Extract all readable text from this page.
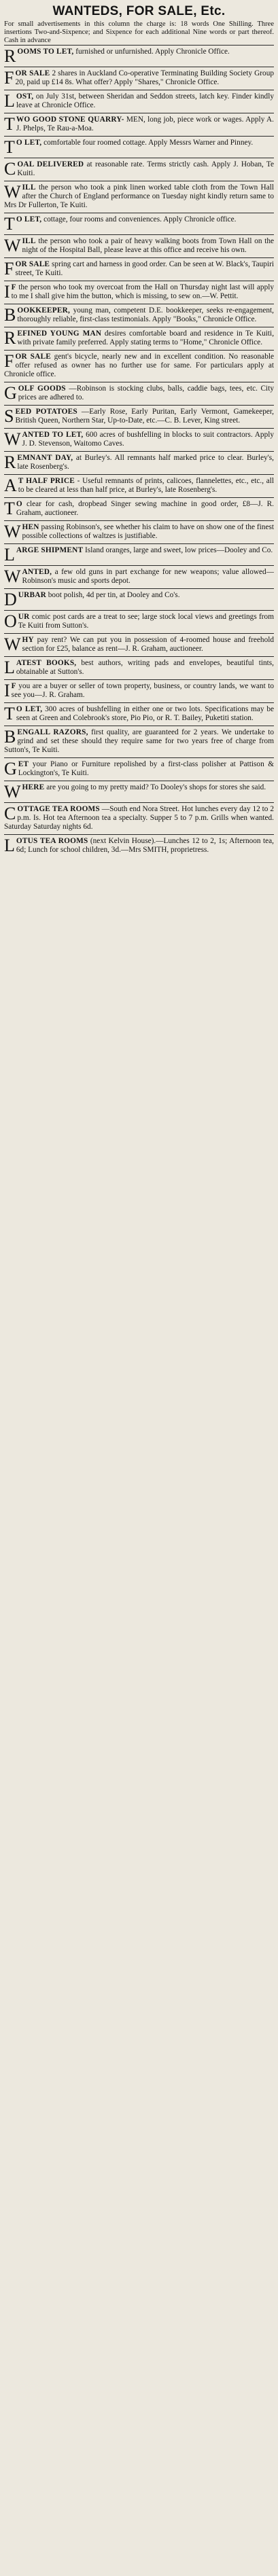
WANTEDS, FOR SALE, Etc.
For small advertisements in this column the charge is: 18 words One Shilling. Three insertions Two-and-Sixpence; and Sixpence for each additional Nine words or part thereof. Cash in advance
ROOMS TO LET, furnished or unfurnished. Apply Chronicle Office.
FOR SALE 2 shares in Auckland Co-operative Terminating Building Society Group 20, paid up £14 8s. What offer? Apply "Shares," Chronicle Office.
LOST, on July 31st, between Sheridan and Seddon streets, latch key. Finder kindly leave at Chronicle Office.
TWO GOOD STONE QUARRY- MEN, long job, piece work or wages. Apply A. J. Phelps, Te Rau-a-Moa.
T O LET, comfortable four roomed cottage. Apply Messrs Warner and Pinney.
COAL DELIVERED at reasonable rate. Terms strictly cash. Apply J. Hoban, Te Kuiti.
WILL the person who took a pink linen worked table cloth from the Town Hall after the Church of England performance on Tuesday night kindly return same to Mrs Dr Fullerton, Te Kuiti.
T O LET, cottage, four rooms and conveniences. Apply Chronicle office.
WILL the person who took a pair of heavy walking boots from Town Hall on the night of the Hospital Ball, please leave at this office and receive his own.
FOR SALE spring cart and harness in good order. Can be seen at W. Black's, Taupiri street, Te Kuiti.
I F the person who took my overcoat from the Hall on Thursday night last will apply to me I shall give him the button, which is missing, to sew on.—W. Pettit.
BOOKKEEPER, young man, competent D.E. bookkeeper, seeks re-engagement, thoroughly reliable, first-class testimonials. Apply "Books," Chronicle Office.
REFINED YOUNG MAN desires comfortable board and residence in Te Kuiti, with private family preferred. Apply stating terms to "Home," Chronicle Office.
FOR SALE gent's bicycle, nearly new and in excellent condition. No reasonable offer refused as owner has no further use for same. For particulars apply at Chronicle office.
GOLF GOODS —Robinson is stocking clubs, balls, caddie bags, tees, etc. City prices are adhered to.
SEED POTATOES —Early Rose, Early Puritan, Early Vermont, Gamekeeper, British Queen, Northern Star, Up-to-Date, etc.—C. B. Lever, King street.
WANTED TO LET, 600 acres of bushfelling in blocks to suit contractors. Apply J. D. Stevenson, Waitomo Caves.
REMNANT DAY, at Burley's. All remnants half marked price to clear. Burley's, late Rosenberg's.
A T HALF PRICE - Useful remnants of prints, calicoes, flannelettes, etc., etc., all to be cleared at less than half price, at Burley's, late Rosenberg's.
T O clear for cash, dropbead Singer sewing machine in good order, £8—J. R. Graham, auctioneer.
WHEN passing Robinson's, see whether his claim to have on show one of the finest possible collections of waltzes is justifiable.
LARGE SHIPMENT Island oranges, large and sweet, low prices—Dooley and Co.
WANTED, a few old guns in part exchange for new weapons; value allowed—Robinson's music and sports depot.
DURBAR boot polish, 4d per tin, at Dooley and Co's.
OUR comic post cards are a treat to see; large stock local views and greetings from Te Kuiti from Sutton's.
WHY pay rent? We can put you in possession of 4-roomed house and freehold section for £25, balance as rent—J. R. Graham, auctioneer.
LATEST BOOKS, best authors, writing pads and envelopes, beautiful tints, obtainable at Sutton's.
I F you are a buyer or seller of town property, business, or country lands, we want to see you—J. R. Graham.
T O LET, 300 acres of bushfelling in either one or two lots. Specifications may be seen at Green and Colebrook's store, Pio Pio, or R. T. Bailey, Puketiti station.
BENGALL RAZORS, first quality, are guaranteed for 2 years. We undertake to grind and set these should they require same for two years free of charge from Sutton's, Te Kuiti.
GET your Piano or Furniture repolished by a first-class polisher at Pattison & Lockington's, Te Kuiti.
WHERE are you going to my pretty maid? To Dooley's shops for stores she said.
COTTAGE TEA ROOMS —South end Nora Street. Hot lunches every day 12 to 2 p.m. Is. Hot tea Afternoon tea a specialty. Supper 5 to 7 p.m. Grills when wanted. Saturday Saturday nights 6d.
LOTUS TEA ROOMS (next Kelvin House).—Lunches 12 to 2, 1s; Afternoon tea, 6d; Lunch for school children, 3d.—Mrs SMITH, proprietress.
